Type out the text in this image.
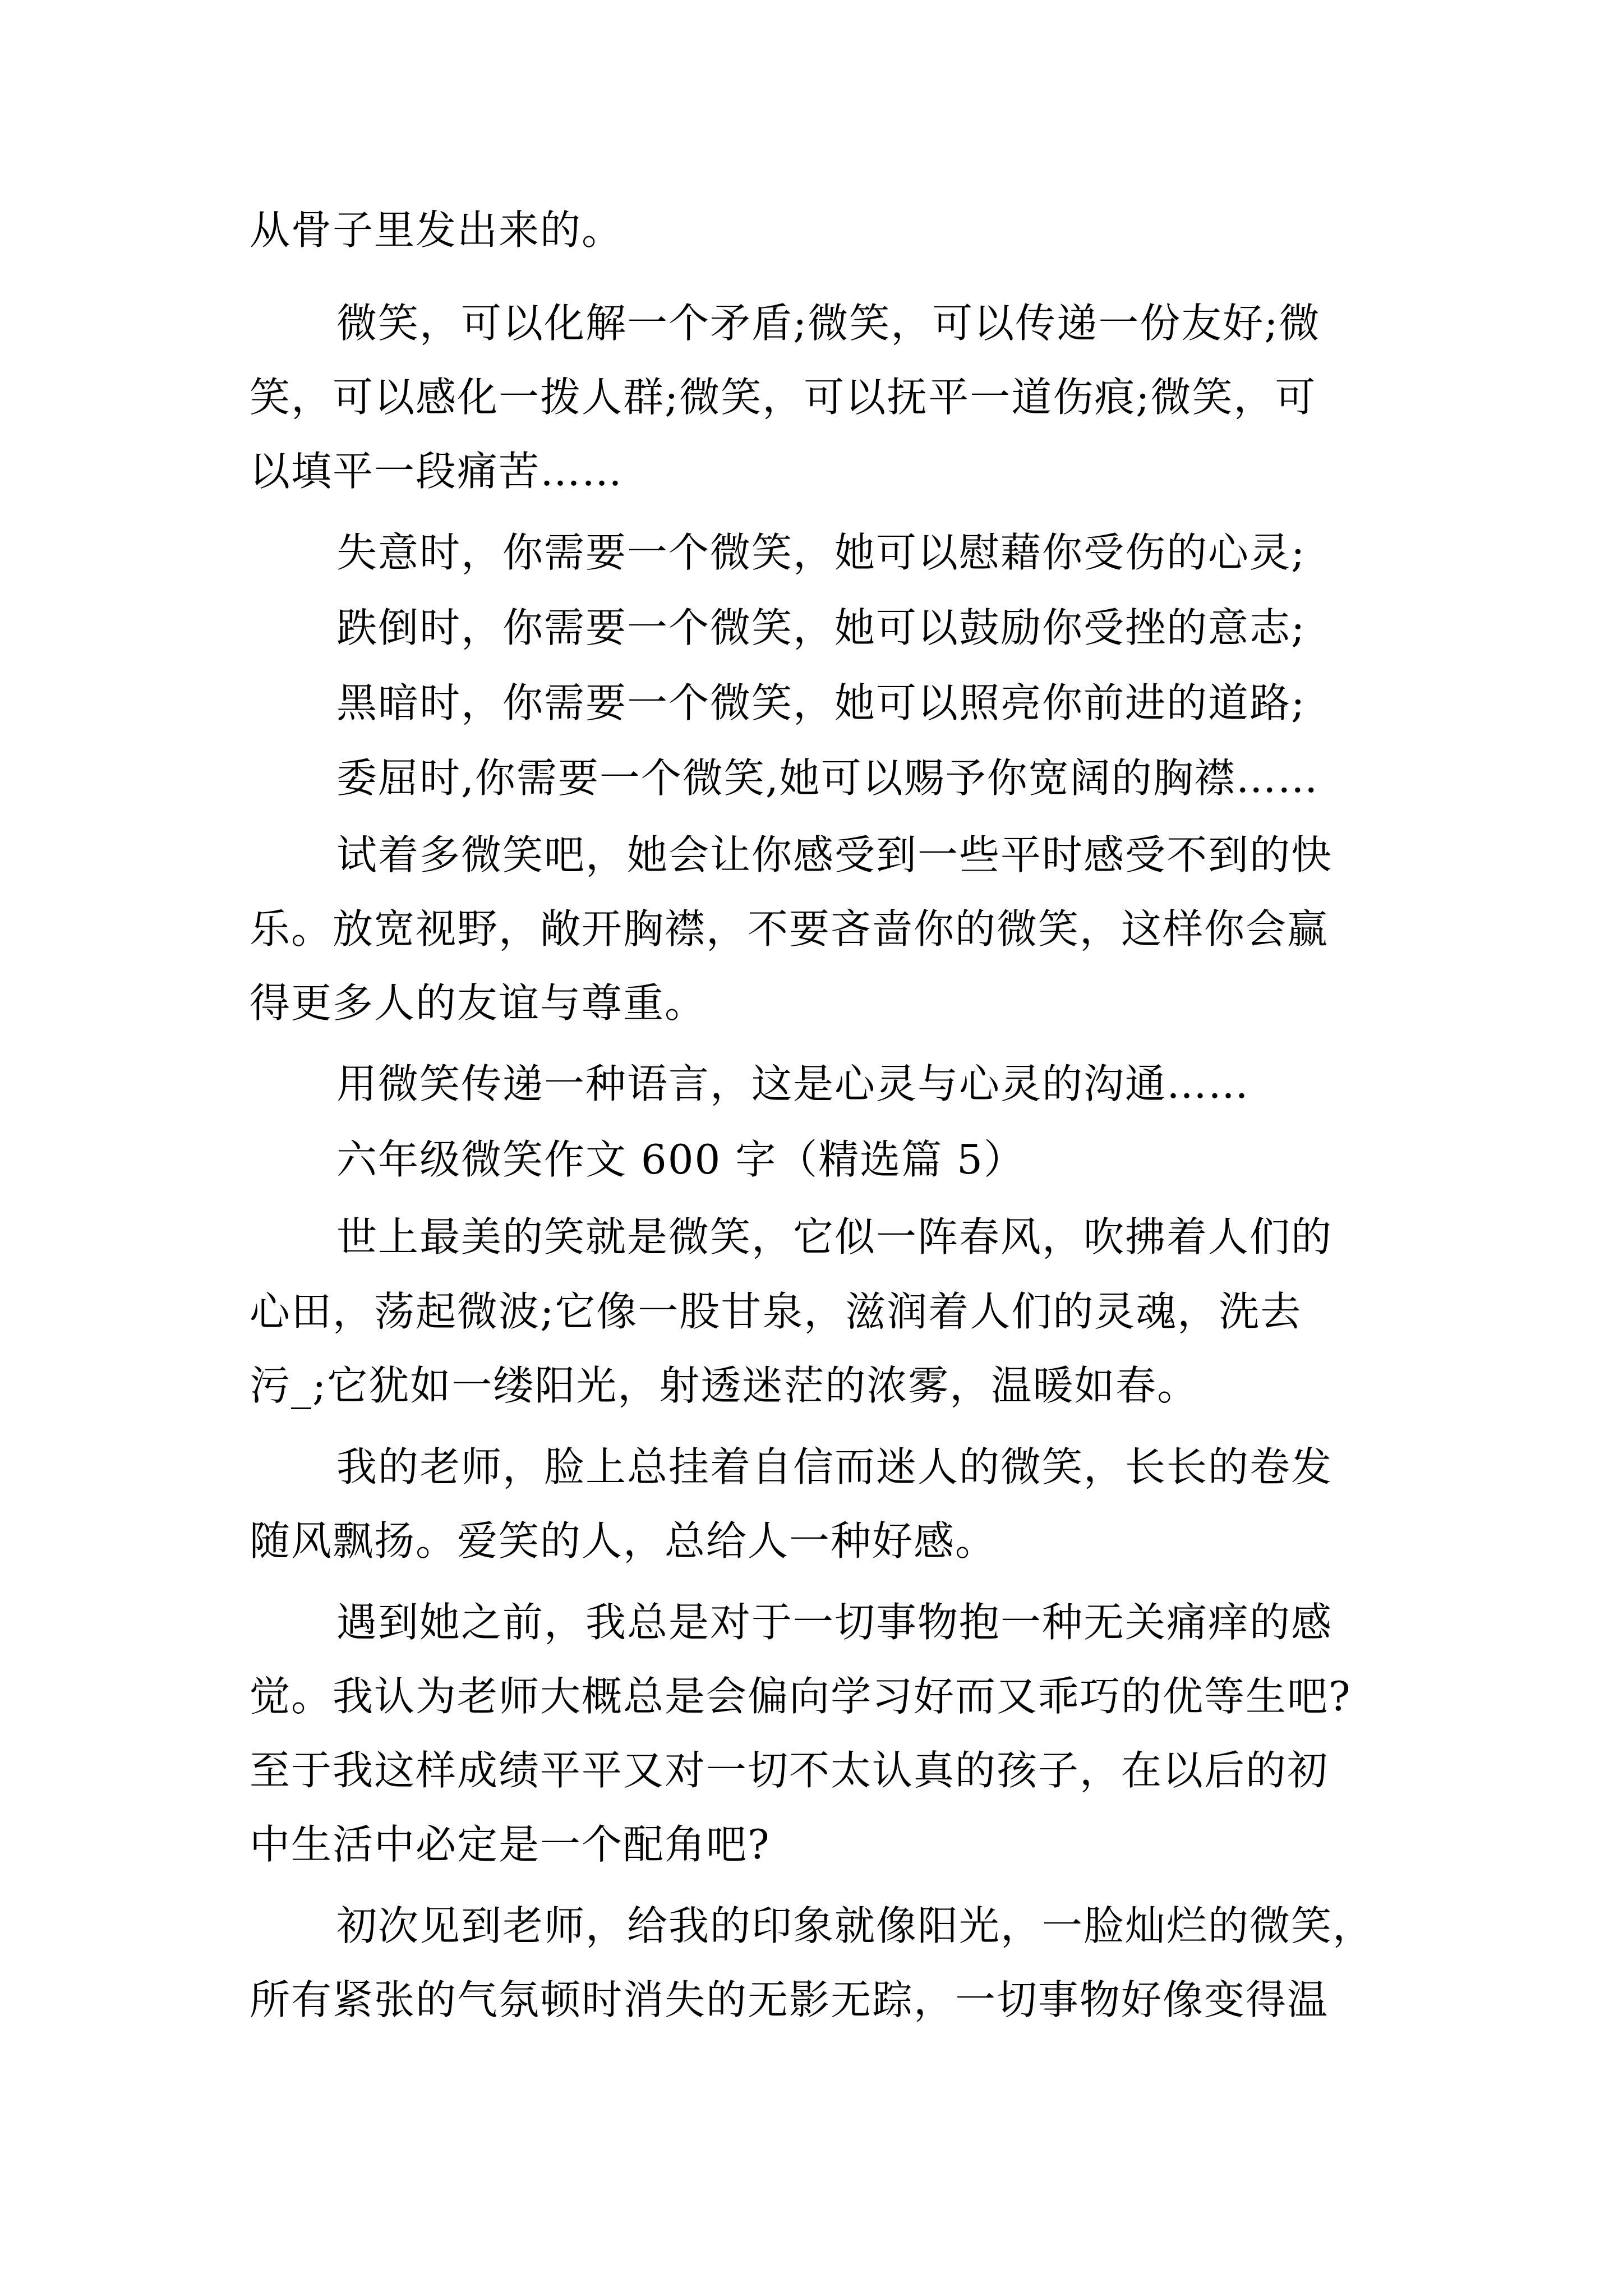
从骨子里发出来的。
微笑，可以化解一个矛盾;微笑，可以传递一份友好;微
笑，可以感化一拨人群;微笑，可以抚平一道伤痕;微笑，可
以填平一段痛苦……
失意时，你需要一个微笑，她可以慰藉你受伤的心灵;
跌倒时，你需要一个微笑，她可以鼓励你受挫的意志;
黑暗时，你需要一个微笑，她可以照亮你前进的道路;
委屈时,你需要一个微笑,她可以赐予你宽阔的胸襟……
试着多微笑吧，她会让你感受到一些平时感受不到的快
乐。放宽视野，敞开胸襟，不要吝啬你的微笑，这样你会赢
得更多人的友谊与尊重。
用微笑传递一种语言，这是心灵与心灵的沟通……
六年级微笑作文 600 字（精选篇 5）
世上最美的笑就是微笑，它似一阵春风，吹拂着人们的
心田，荡起微波;它像一股甘泉，滋润着人们的灵魂，洗去
污_;它犹如一缕阳光，射透迷茫的浓雾，温暖如春。
我的老师，脸上总挂着自信而迷人的微笑，长长的卷发
随风飘扬。爱笑的人，总给人一种好感。
遇到她之前，我总是对于一切事物抱一种无关痛痒的感
觉。我认为老师大概总是会偏向学习好而又乖巧的优等生吧?
至于我这样成绩平平又对一切不太认真的孩子，在以后的初
中生活中必定是一个配角吧?
初次见到老师，给我的印象就像阳光，一脸灿烂的微笑，
所有紧张的气氛顿时消失的无影无踪，一切事物好像变得温
